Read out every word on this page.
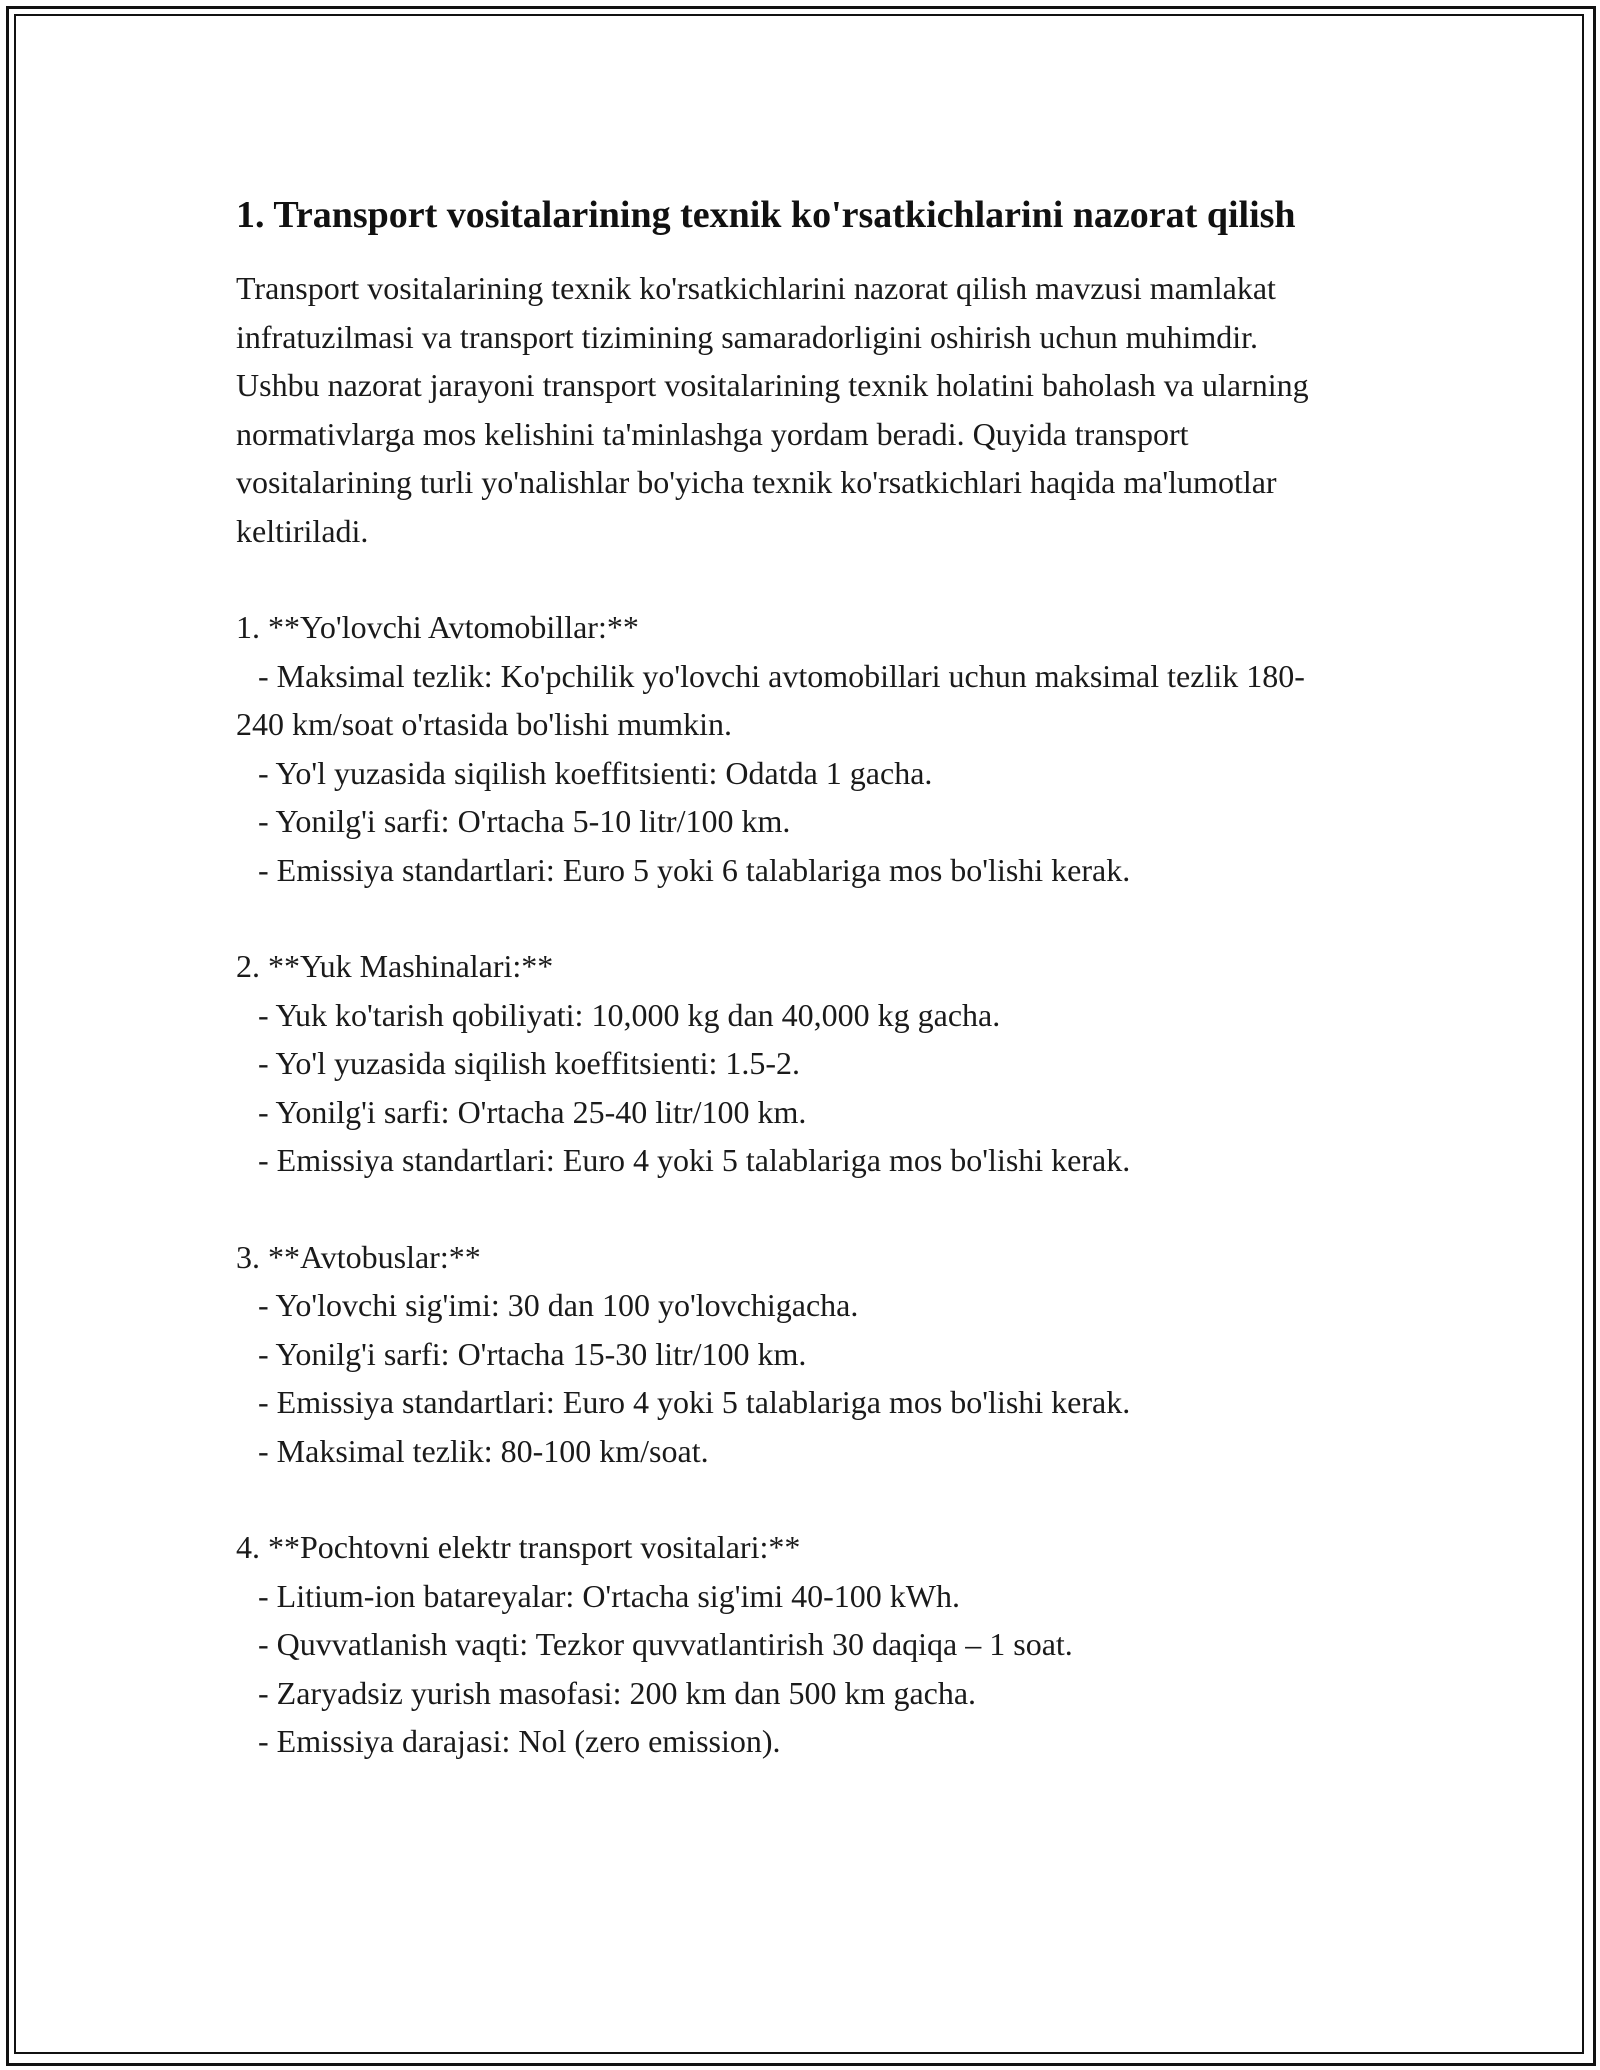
1. Transport vositalarining texnik ko'rsatkichlarini nazorat qilish

Transport vositalarining texnik ko'rsatkichlarini nazorat qilish mavzusi mamlakat infratuzilmasi va transport tizimining samaradorligini oshirish uchun muhimdir. Ushbu nazorat jarayoni transport vositalarining texnik holatini baholash va ularning normativlarga mos kelishini ta'minlashga yordam beradi. Quyida transport vositalarining turli yo'nalishlar bo'yicha texnik ko'rsatkichlari haqida ma'lumotlar keltiriladi.

1. **Yo'lovchi Avtomobillar:**

- Maksimal tezlik: Ko'pchilik yo'lovchi avtomobillari uchun maksimal tezlik 180-240 km/soat o'rtasida bo'lishi mumkin.

- Yo'l yuzasida siqilish koeffitsienti: Odatda 1 gacha.

- Yonilg'i sarfi: O'rtacha 5-10 litr/100 km.

- Emissiya standartlari: Euro 5 yoki 6 talablariga mos bo'lishi kerak.

2. **Yuk Mashinalari:**

- Yuk ko'tarish qobiliyati: 10,000 kg dan 40,000 kg gacha.

- Yo'l yuzasida siqilish koeffitsienti: 1.5-2.

- Yonilg'i sarfi: O'rtacha 25-40 litr/100 km.

- Emissiya standartlari: Euro 4 yoki 5 talablariga mos bo'lishi kerak.

3. **Avtobuslar:**

- Yo'lovchi sig'imi: 30 dan 100 yo'lovchigacha.

- Yonilg'i sarfi: O'rtacha 15-30 litr/100 km.

- Emissiya standartlari: Euro 4 yoki 5 talablariga mos bo'lishi kerak.

- Maksimal tezlik: 80-100 km/soat.

4. **Pochtovni elektr transport vositalari:**

- Litium-ion batareyalar: O'rtacha sig'imi 40-100 kWh.

- Quvvatlanish vaqti: Tezkor quvvatlantirish 30 daqiqa – 1 soat.

- Zaryadsiz yurish masofasi: 200 km dan 500 km gacha.

- Emissiya darajasi: Nol (zero emission).
